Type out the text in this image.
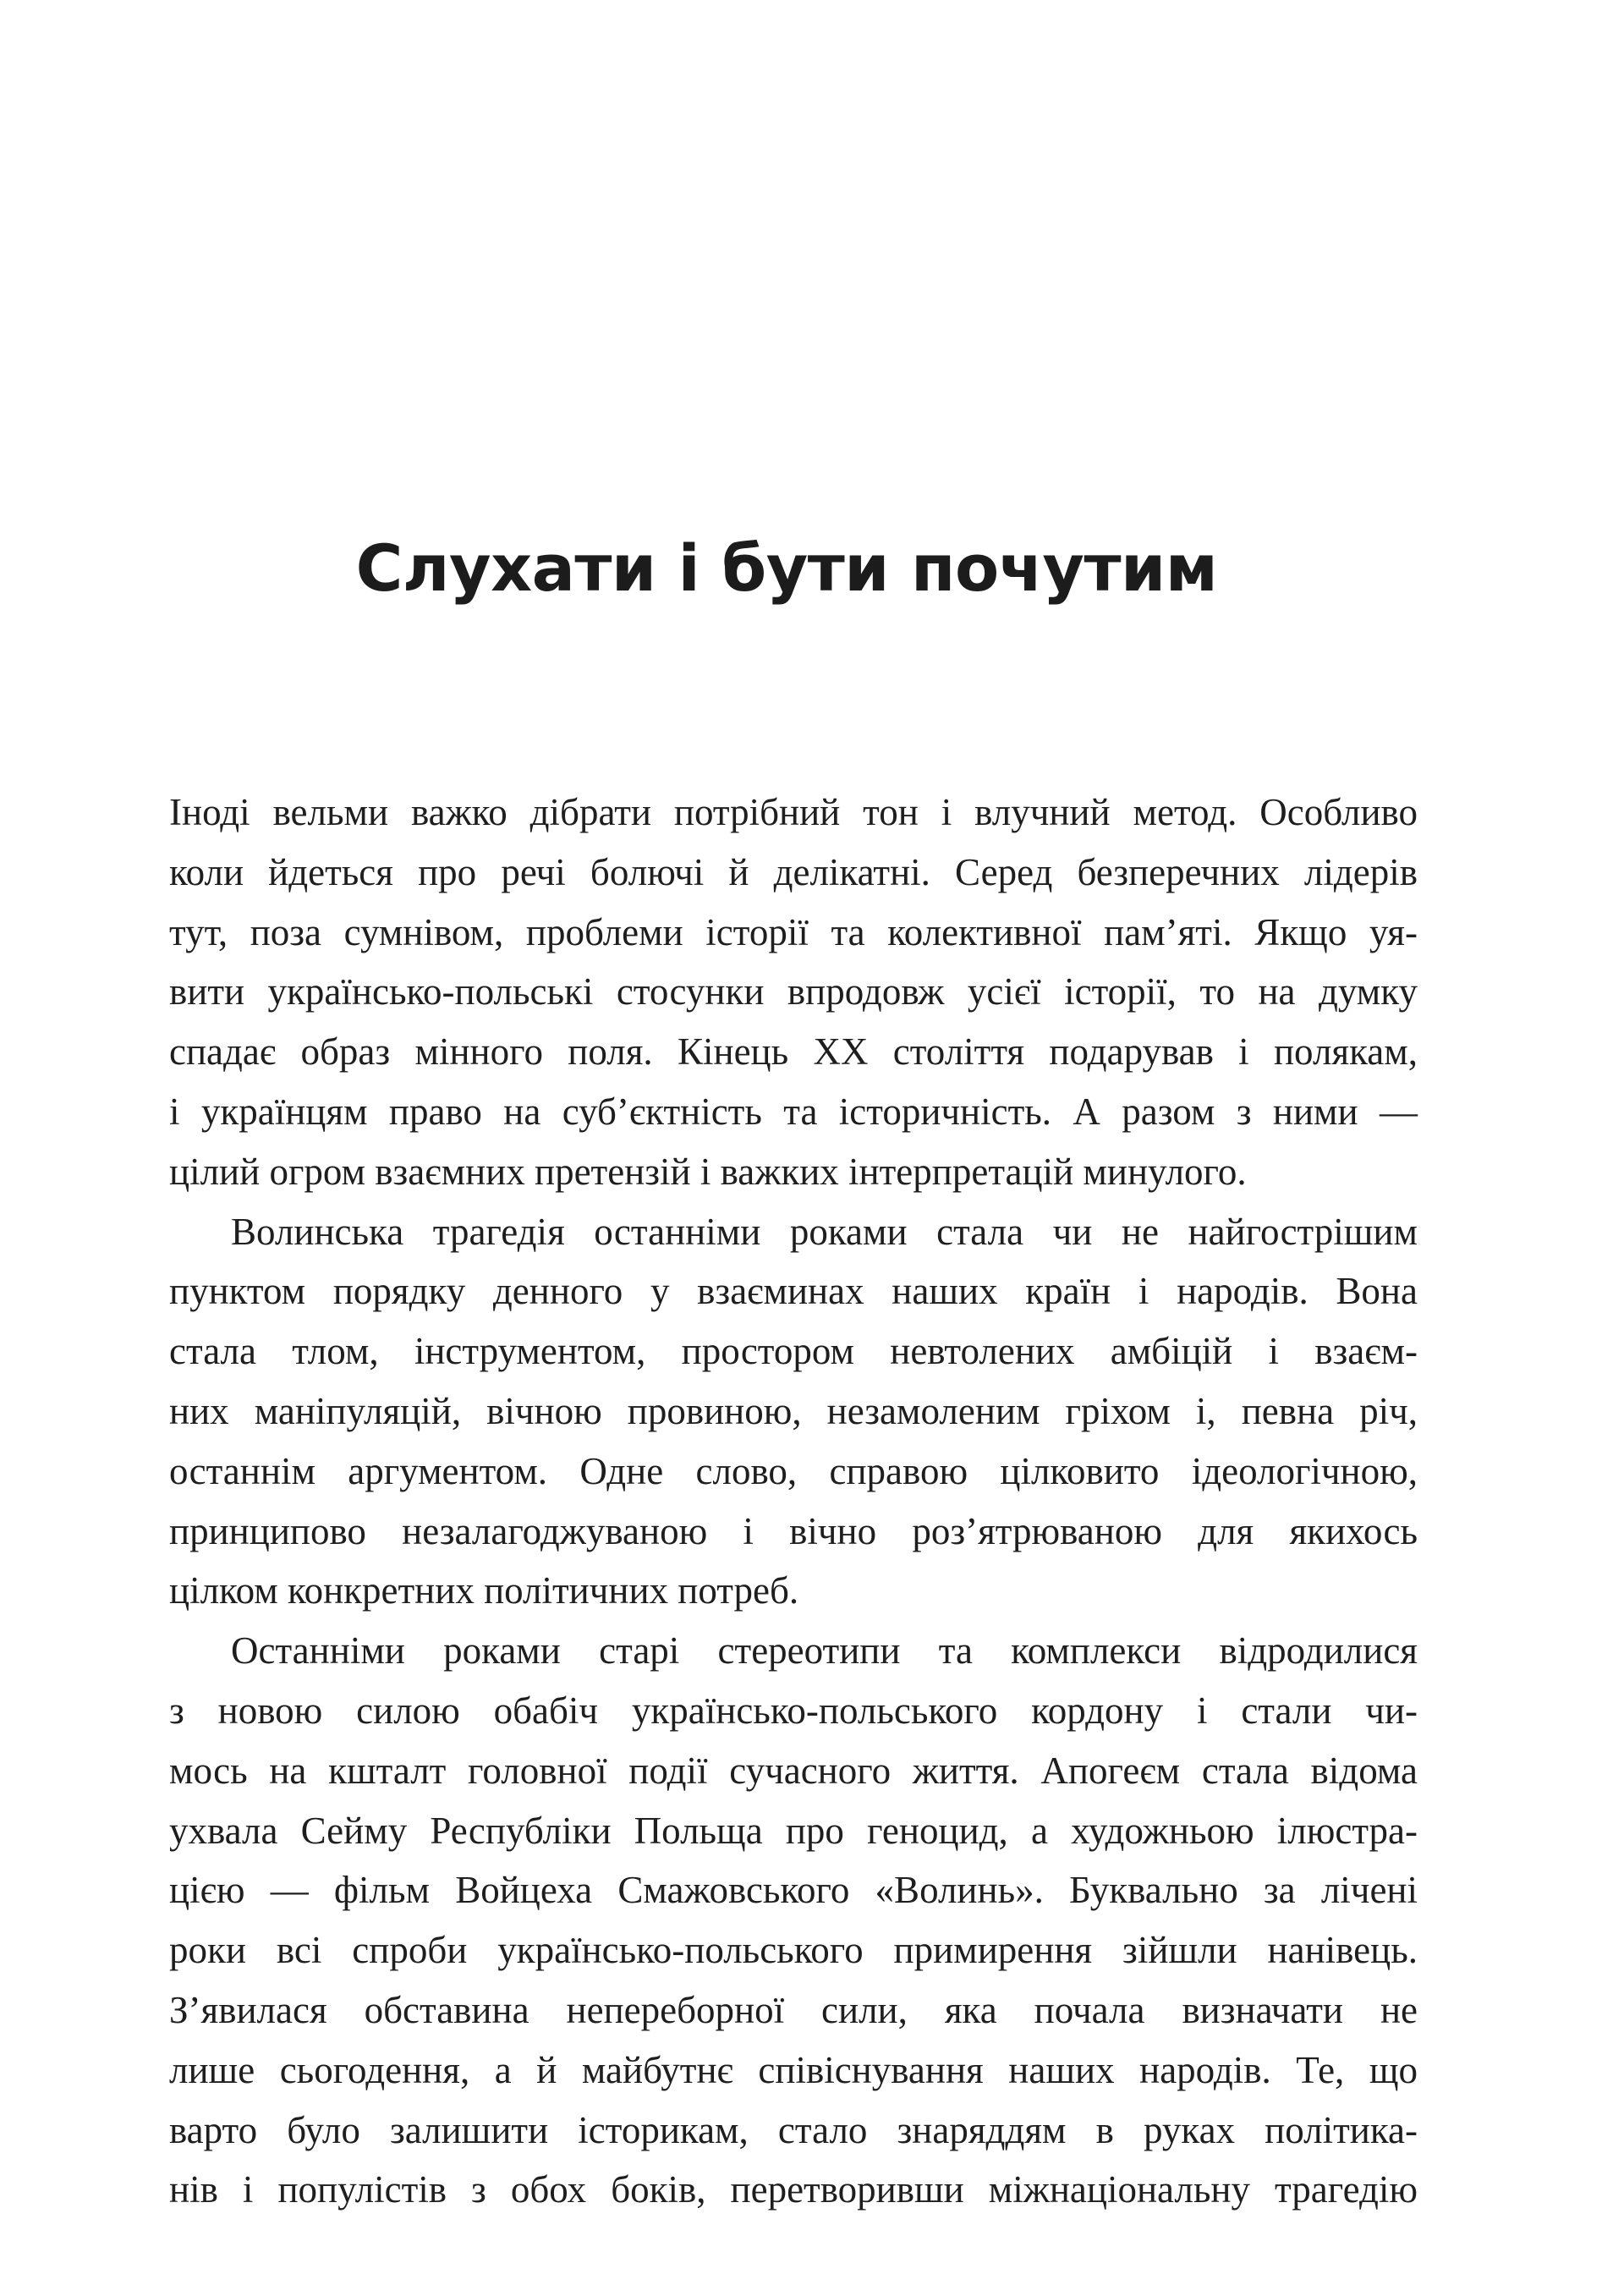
Слухати і бути почутим
Іноді вельми важко дібрати потрібний тон і влучний метод. Особливо
коли йдеться про речі болючі й делікатні. Серед безперечних лідерів
тут, поза сумнівом, проблеми історії та колективної пам’яті. Якщо уя-
вити українсько-польські стосунки впродовж усієї історії, то на думку
спадає образ мінного поля. Кінець XX століття подарував і полякам,
і українцям право на суб’єктність та історичність. А разом з ними —
цілий огром взаємних претензій і важких інтерпретацій минулого.
Волинська трагедія останніми роками стала чи не найгострішим
пунктом порядку денного у взаєминах наших країн і народів. Вона
стала тлом, інструментом, простором невтолених амбіцій і взаєм-
них маніпуляцій, вічною провиною, незамоленим гріхом і, певна річ,
останнім аргументом. Одне слово, справою цілковито ідеологічною,
принципово незалагоджуваною і вічно роз’ятрюваною для якихось
цілком конкретних політичних потреб.
Останніми роками старі стереотипи та комплекси відродилися
з новою силою обабіч українсько-польського кордону і стали чи-
мось на кшталт головної події сучасного життя. Апогеєм стала відома
ухвала Сейму Республіки Польща про геноцид, а художньою ілюстра-
цією — фільм Войцеха Смажовського «Волинь». Буквально за лічені
роки всі спроби українсько-польського примирення зійшли нанівець.
З’явилася обставина непереборної сили, яка почала визначати не
лише сьогодення, а й майбутнє співіснування наших народів. Те, що
варто було залишити історикам, стало знаряддям в руках політика-
нів і популістів з обох боків, перетворивши міжнаціональну трагедію
